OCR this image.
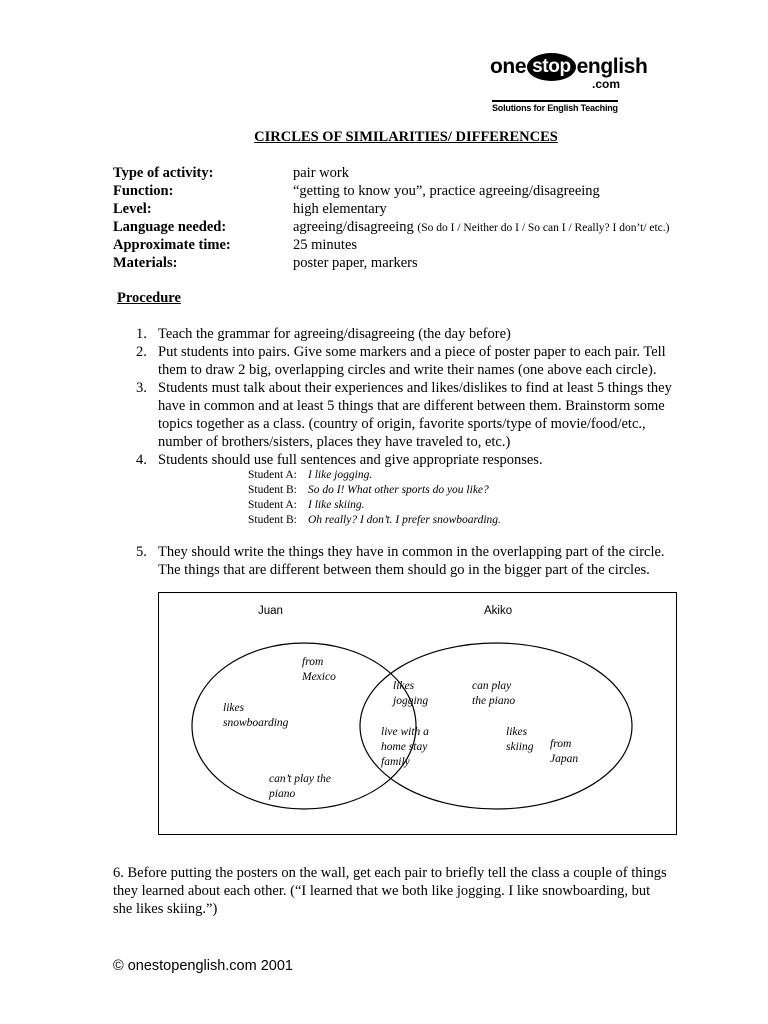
one stop english
.com
Solutions for English Teaching
CIRCLES OF SIMILARITIES/ DIFFERENCES
Type of activity:	pair work
Function:	“getting to know you”, practice agreeing/disagreeing
Level:	high elementary
Language needed:	agreeing/disagreeing (So do I / Neither do I / So can I / Really? I don’t/ etc.)
Approximate time:	25 minutes
Materials:	poster paper, markers
Procedure
1. Teach the grammar for agreeing/disagreeing (the day before)
2. Put students into pairs. Give some markers and a piece of poster paper to each pair. Tell
them to draw 2 big, overlapping circles and write their names (one above each circle).
3. Students must talk about their experiences and likes/dislikes to find at least 5 things they
have in common and at least 5 things that are different between them. Brainstorm some
topics together as a class. (country of origin, favorite sports/type of movie/food/etc.,
number of brothers/sisters, places they have traveled to, etc.)
4. Students should use full sentences and give appropriate responses.
Student A: I like jogging.
Student B: So do I! What other sports do you like?
Student A: I like skiing.
Student B: Oh really? I don’t. I prefer snowboarding.
5. They should write the things they have in common in the overlapping part of the circle.
The things that are different between them should go in the bigger part of the circles.
Juan	Akiko
from
Mexico
likes
snowboarding
can’t play the
piano
likes
jogging
live with a
home stay
family
can play
the piano
likes
skiing from
Japan
6. Before putting the posters on the wall, get each pair to briefly tell the class a couple of things
they learned about each other. (“I learned that we both like jogging. I like snowboarding, but
she likes skiing.”)
© onestopenglish.com 2001
